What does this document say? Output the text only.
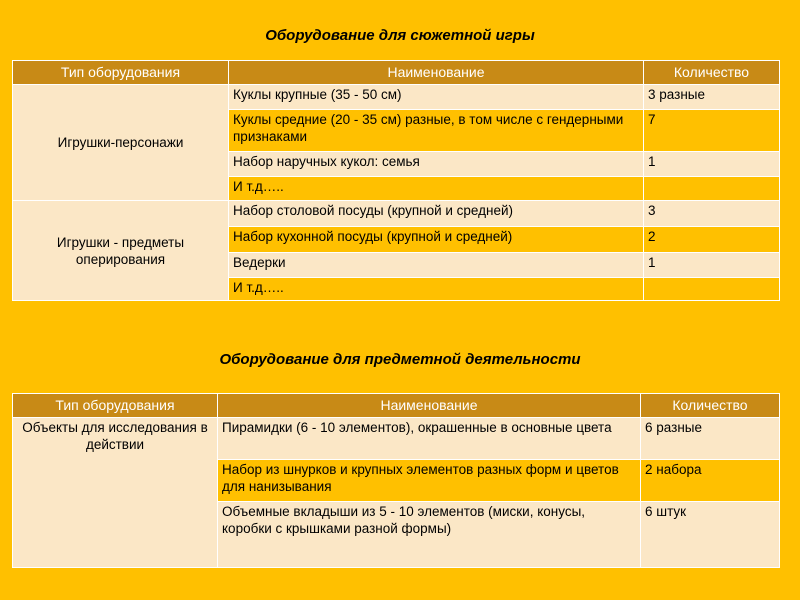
Оборудование для сюжетной игры
Тип оборудования	Наименование	Количество
Игрушки-персонажи	Куклы крупные (35 - 50 см)	3 разные
	Куклы средние (20 - 35 см) разные, в том числе с гендерными признаками	7
	Набор наручных кукол: семья	1
	И т.д…..	
Игрушки - предметы оперирования	Набор столовой посуды (крупной и средней)	3
	Набор кухонной посуды (крупной и средней)	2
	Ведерки	1
	И т.д…..	
Оборудование для предметной деятельности
Тип оборудования	Наименование	Количество
Объекты для исследования в действии	Пирамидки (6 - 10 элементов), окрашенные в основные цвета	6 разные
	Набор из шнурков и крупных элементов разных форм и цветов для нанизывания	2 набора
	Объемные вкладыши из 5 - 10 элементов (миски, конусы, коробки с крышками разной формы)	6 штук
